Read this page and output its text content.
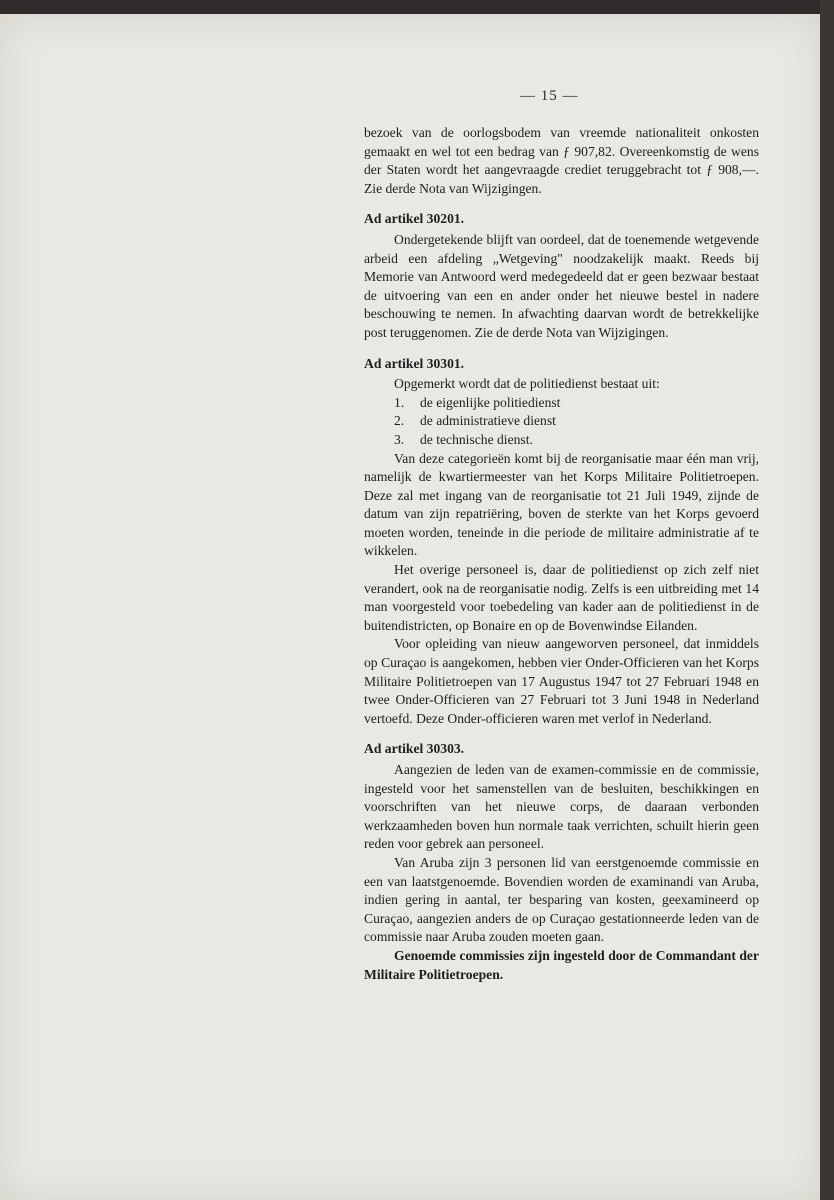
— 15 —

bezoek van de oorlogsbodem van vreemde nationaliteit onkosten gemaakt en wel tot een bedrag van ƒ 907,82. Overeenkomstig de wens der Staten wordt het aangevraagde crediet teruggebracht tot ƒ 908,—. Zie derde Nota van Wijzigingen.

Ad artikel 30201.

Ondergetekende blijft van oordeel, dat de toenemende wetgevende arbeid een afdeling „Wetgeving" noodzakelijk maakt. Reeds bij Memorie van Antwoord werd medegedeeld dat er geen bezwaar bestaat de uitvoering van een en ander onder het nieuwe bestel in nadere beschouwing te nemen. In afwachting daarvan wordt de betrekkelijke post teruggenomen. Zie de derde Nota van Wijzigingen.

Ad artikel 30301.

Opgemerkt wordt dat de politiedienst bestaat uit:

1. de eigenlijke politiedienst

2. de administratieve dienst

3. de technische dienst.

Van deze categorieën komt bij de reorganisatie maar één man vrij, namelijk de kwartiermeester van het Korps Militaire Politietroepen. Deze zal met ingang van de reorganisatie tot 21 Juli 1949, zijnde de datum van zijn repatriëring, boven de sterkte van het Korps gevoerd moeten worden, teneinde in die periode de militaire administratie af te wikkelen.

Het overige personeel is, daar de politiedienst op zich zelf niet verandert, ook na de reorganisatie nodig. Zelfs is een uitbreiding met 14 man voorgesteld voor toebedeling van kader aan de politiedienst in de buitendistricten, op Bonaire en op de Bovenwindse Eilanden.

Voor opleiding van nieuw aangeworven personeel, dat inmiddels op Curaçao is aangekomen, hebben vier Onder-Officieren van het Korps Militaire Politietroepen van 17 Augustus 1947 tot 27 Februari 1948 en twee Onder-Officieren van 27 Februari tot 3 Juni 1948 in Nederland vertoefd. Deze Onder-officieren waren met verlof in Nederland.

Ad artikel 30303.

Aangezien de leden van de examen-commissie en de commissie, ingesteld voor het samenstellen van de besluiten, beschikkingen en voorschriften van het nieuwe corps, de daaraan verbonden werkzaamheden boven hun normale taak verrichten, schuilt hierin geen reden voor gebrek aan personeel.

Van Aruba zijn 3 personen lid van eerstgenoemde commissie en een van laatstgenoemde. Bovendien worden de examinandi van Aruba, indien gering in aantal, ter besparing van kosten, geexamineerd op Curaçao, aangezien anders de op Curaçao gestationneerde leden van de commissie naar Aruba zouden moeten gaan.

Genoemde commissies zijn ingesteld door de Commandant der Militaire Politietroepen.
